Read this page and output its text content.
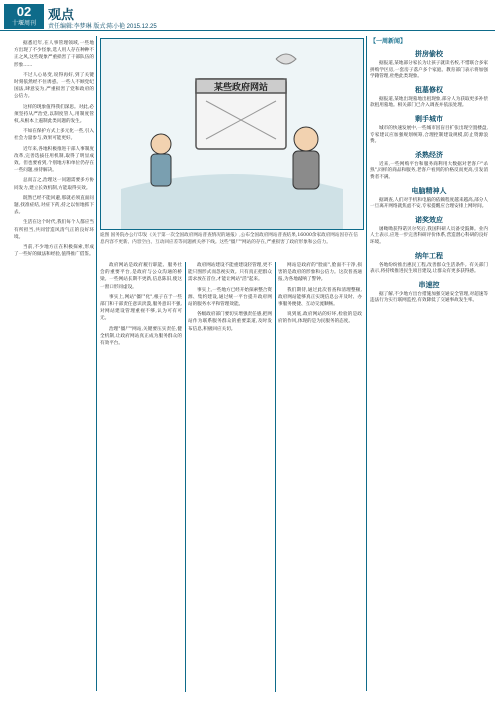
02	观点
十堰周刊	责任编辑:李梦琳 版式:陈小艳 2015.12.25

据悉近年,在人事管理领域,一些地方出现了不少怪象,选人用人存在种种不正之风,这些现象严重损害了干部队伍的形象……

不过人心易变,说得再好,到了关键时刻依然经不住诱惑。一些人不顾党纪国法,肆意妄为,严重损害了党和政府的公信力。

这样的现象值得我们深思。对此,必须坚持从严治党,以制度管人,用制度管权,从根本上遏制此类问题的发生。

不如在保护方式上多元化一些,引入社会力量参与,效果可能更好。

近年来,各地积极推进干部人事制度改革,完善选拔任用机制,取得了明显成效。但也要看到,个别地方和单位仍存在一些问题,亟待解决。

总而言之,治理这一问题需要多方协同发力,建立长效机制,方能取得实效。

既然已经不能回避,那就必须直面问题,找准症结,对症下药,持之以恒地抓下去。

生活在这个时代,我们每个人都应当有所担当,共同营造风清气正的良好环境。

当前,不少地方正在积极探索,形成了一些好的做法和经验,值得推广借鉴。

某些政府网站
诡图 国务院办公厅印发《关于第一次全国政府网站普查情况的通报》,公布全国政府网站普查结果,16000余家政府网站因存在信息内容不更新、内容空白、互动回应差等问题被关停下线。这些"僵尸"网站的存在,严重损害了政府形象和公信力。

政府网站是政府履行职能、服务社会的重要平台,是政府与公众沟通的桥梁。一些网站长期不更新,信息陈旧,使这一窗口形同虚设。

事实上,网站"僵尸化",根子在于一些部门和干部责任意识淡漠,服务意识不强,对网站建设管理重视不够,认为可有可无。

治理"僵尸"网站,关键要压实责任,健全机制,让政府网站真正成为服务群众的有效平台。

政府网站建设不能重建设轻管理,更不能只图形式而忽视实效。只有真正把群众需求放在首位,才能让网站"活"起来。

事实上,一些地方已经开始探索整合资源、集约建设,通过统一平台提升政府网站的服务水平和管理效能。

各级政府部门要切实增强责任感,把网站作为联系服务群众的重要渠道,及时发布信息,积极回应关切。

网站是政府的"脸面",脸面不干净,损害的是政府的形象和公信力。这次普查通报,为各地敲响了警钟。

我们期待,通过此次普查和清理整顿,政府网站能够真正实现信息公开及时、办事服务便捷、互动交流顺畅。

说到底,政府网站的好坏,检验的是政府的作风,体现的是为民服务的态度。

【一周新闻】
拼房偷校

据报道,某地部分家长为让孩子就读名校,不惜联合多家拼购学区房,一套房子落户多个家庭。教育部门表示将加强学籍管理,杜绝此类现象。

租墓修权

据报道,某地出现墓地出租现象,部分人为获取更多补偿款租用墓地。相关部门已介入调查并依法处理。

剩手城市

城市的快速发展中,一些城市因盲目扩张出现空置楼盘,专家建议应加强规划统筹,合理控制建设规模,防止资源浪费。

杀熟经济

近来,一些网购平台和服务商利用大数据对老客户"杀熟",同样的商品和服务,老客户看到的价格反而更高,引发消费者不满。

电脑精神人

据调查,人们对手机和电脑的依赖程度越来越高,部分人一旦离开网络就焦虑不安,专家提醒应合理安排上网时间。

诺奖效应

屠呦呦获得诺贝尔奖后,我国科研人员备受鼓舞。业内人士表示,应进一步完善科研评价体系,营造潜心科研的良好环境。

纳年工程

各地纷纷推出惠民工程,改善群众生活条件。有关部门表示,将持续推进民生项目建设,让群众有更多获得感。

串速控

据了解,不少地方出台措施加强交通安全管理,对超速等违法行为实行联网监控,有效降低了交通事故发生率。
